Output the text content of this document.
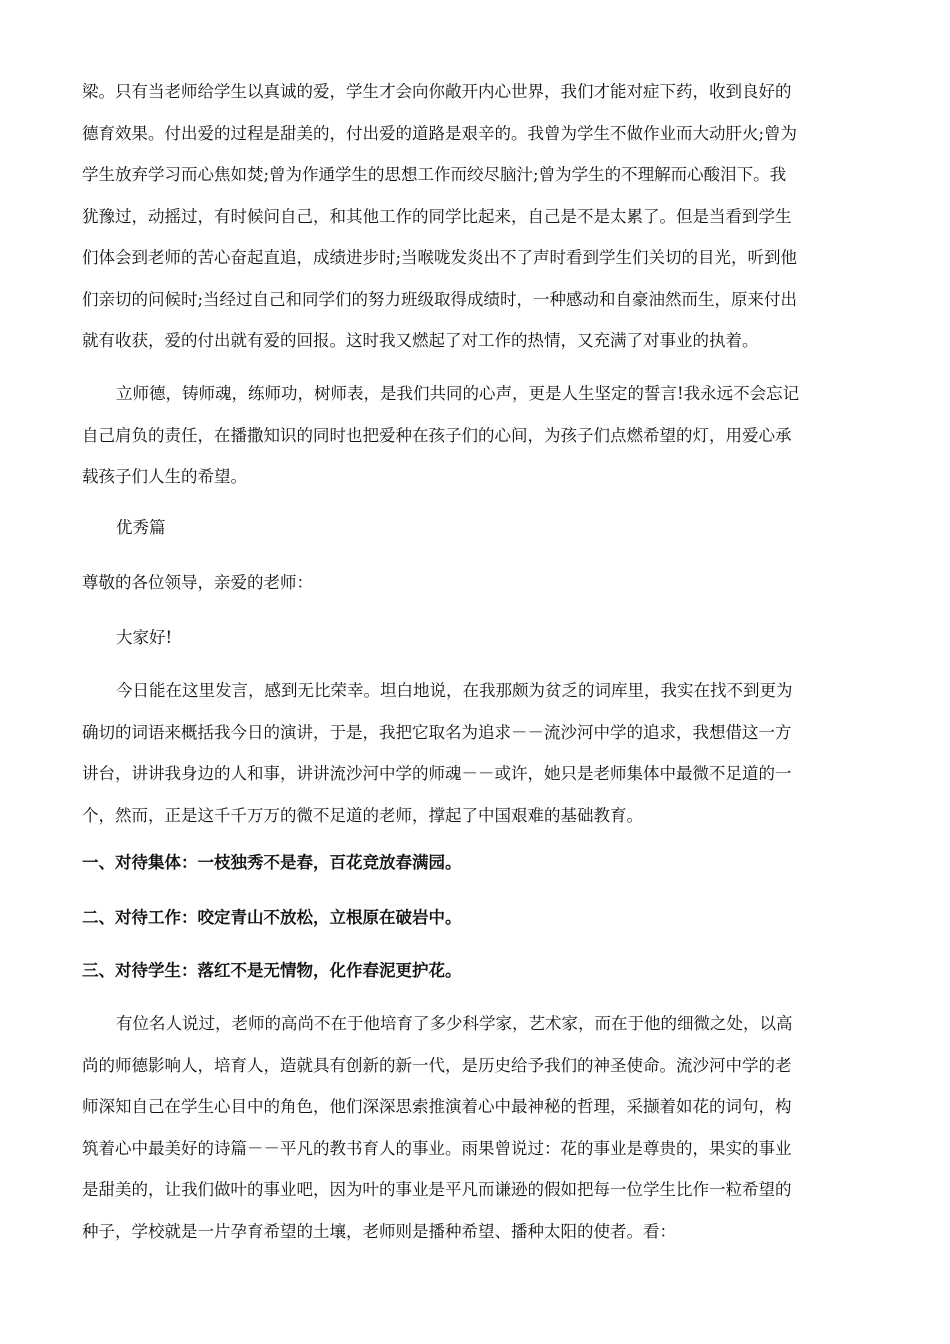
梁。只有当老师给学生以真诚的爱，学生才会向你敞开内心世界，我们才能对症下药，收到良好的
德育效果。付出爱的过程是甜美的，付出爱的道路是艰辛的。我曾为学生不做作业而大动肝火;曾为
学生放弃学习而心焦如焚;曾为作通学生的思想工作而绞尽脑汁;曾为学生的不理解而心酸泪下。我
犹豫过，动摇过，有时候问自己，和其他工作的同学比起来，自己是不是太累了。但是当看到学生
们体会到老师的苦心奋起直追，成绩进步时;当喉咙发炎出不了声时看到学生们关切的目光，听到他
们亲切的问候时;当经过自己和同学们的努力班级取得成绩时，一种感动和自豪油然而生，原来付出
就有收获，爱的付出就有爱的回报。这时我又燃起了对工作的热情，又充满了对事业的执着。
立师德，铸师魂，练师功，树师表，是我们共同的心声，更是人生坚定的誓言!我永远不会忘记
自己肩负的责任，在播撒知识的同时也把爱种在孩子们的心间，为孩子们点燃希望的灯，用爱心承
载孩子们人生的希望。
优秀篇
尊敬的各位领导，亲爱的老师：
大家好!
今日能在这里发言，感到无比荣幸。坦白地说，在我那颇为贫乏的词库里，我实在找不到更为
确切的词语来概括我今日的演讲，于是，我把它取名为追求－－流沙河中学的追求，我想借这一方
讲台，讲讲我身边的人和事，讲讲流沙河中学的师魂－－或许，她只是老师集体中最微不足道的一
个，然而，正是这千千万万的微不足道的老师，撑起了中国艰难的基础教育。
一、对待集体：一枝独秀不是春，百花竞放春满园。
二、对待工作：咬定青山不放松，立根原在破岩中。
三、对待学生：落红不是无情物，化作春泥更护花。
有位名人说过，老师的高尚不在于他培育了多少科学家，艺术家，而在于他的细微之处，以高
尚的师德影响人，培育人，造就具有创新的新一代，是历史给予我们的神圣使命。流沙河中学的老
师深知自己在学生心目中的角色，他们深深思索推演着心中最神秘的哲理，采撷着如花的词句，构
筑着心中最美好的诗篇－－平凡的教书育人的事业。雨果曾说过：花的事业是尊贵的，果实的事业
是甜美的，让我们做叶的事业吧，因为叶的事业是平凡而谦逊的假如把每一位学生比作一粒希望的
种子，学校就是一片孕育希望的土壤，老师则是播种希望、播种太阳的使者。看：
